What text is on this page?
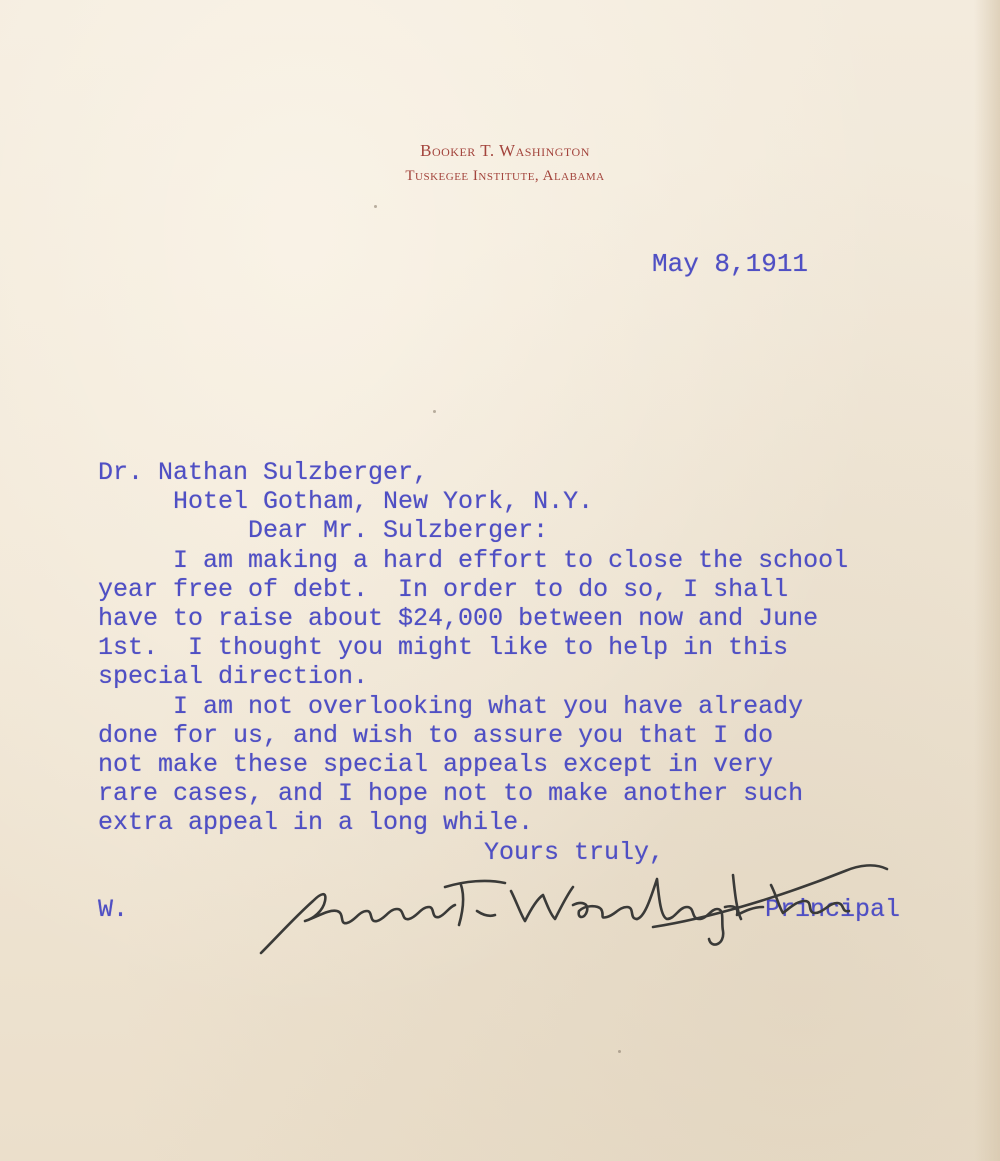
Booker T. Washington
Tuskegee Institute, Alabama
May 8,1911
Dr. Nathan Sulzberger,
Hotel Gotham, New York, N.Y.
Dear Mr. Sulzberger:
I am making a hard effort to close the school
year free of debt.  In order to do so, I shall
have to raise about $24,000 between now and June
1st.  I thought you might like to help in this
special direction.
I am not overlooking what you have already
done for us, and wish to assure you that I do
not make these special appeals except in very
rare cases, and I hope not to make another such
extra appeal in a long while.
Yours truly,
W.	Principal
